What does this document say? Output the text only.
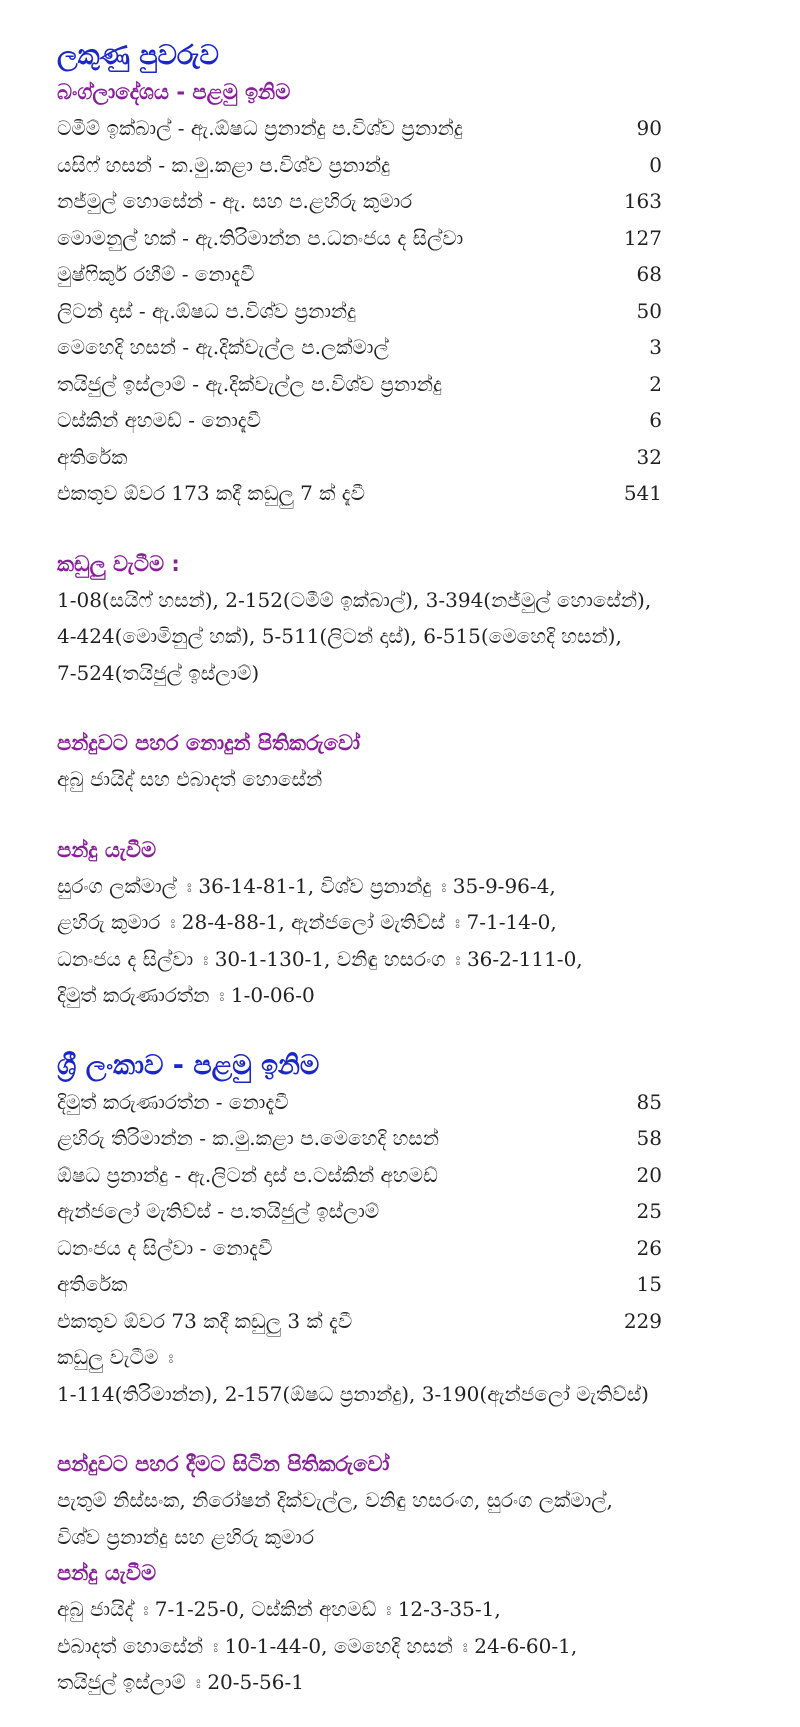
ලකුණු පුවරුව
බංග්ලාදේශය - පළමු ඉනිම
ටමීම් ඉක්බාල් - ඇ.ඕෂධ ප්‍රනාන්දු ප.විශ්ව ප්‍රනාන්දු	90
යසිෆ් හසන් - ක.මු.කළා ප.විශ්ව ප්‍රනාන්දු	0
නජ්මුල් හොසේන් - ඇ. සහ ප.ළහිරු කුමාර	163
මොමනුල් හක් - ඇ.තිරිමාන්න ප.ධනංජය ද සිල්වා	127
මුෂ්ෆිකුර් රහීම් - නොදැවී	68
ලිටන් දාස් - ඇ.ඕෂධ ප.විශ්ව ප්‍රනාන්දු	50
මෙහෙදි හසන් - ඇ.දික්වැල්ල ප.ලක්මාල්	3
තයිජුල් ඉස්ලාම් - ඇ.දික්වැල්ල ප.විශ්ව ප්‍රනාන්දු	2
ටස්කින් අහමඩ් - නොදැවී	6
අතිරේක	32
එකතුව ඕවර 173 කදී කඩුලු 7 ක් දැවී	541
කඩුලු වැටීම :
1-08(සයිෆ් හසන්), 2-152(ටමීම් ඉක්බාල්), 3-394(නජ්මුල් හොසේන්),
4-424(මොමිනුල් හක්), 5-511(ලිටන් දාස්), 6-515(මෙහෙදි හසන්),
7-524(තයිජුල් ඉස්ලාම්)
පන්දුවට පහර නොදුන් පිතිකරුවෝ
අබු ජායිද් සහ එබාදත් හොසේන්
පන්දු යැවීම
සුරංග ලක්මාල් ඃ 36-14-81-1, විශ්ව ප්‍රනාන්දු ඃ 35-9-96-4,
ළහිරු කුමාර ඃ 28-4-88-1, ඇන්ජලෝ මැතිව්ස් ඃ 7-1-14-0,
ධනංජය ද සිල්වා ඃ 30-1-130-1, වනිඳු හසරංග ඃ 36-2-111-0,
දිමුත් කරුණාරත්න ඃ 1-0-06-0
ශ්‍රී ලංකාව - පළමු ඉනිම
දිමුත් කරුණාරත්න - නොදැවී	85
ළහිරු තිරිමාන්න - ක.මු.කළා ප.මෙහෙදි හසන්	58
ඕෂධ ප්‍රනාන්දු - ඇ.ලිටන් දාස් ප.ටස්කින් අහමඩ්	20
ඇන්ජලෝ මැතිව්ස් - ප.තයිජුල් ඉස්ලාම්	25
ධනංජය ද සිල්වා - නොදැවී	26
අතිරේක	15
එකතුව ඕවර 73 කදී කඩුලු 3 ක් දැවී	229
කඩුලු වැටීම ඃ
1-114(තිරිමාන්න), 2-157(ඕෂධ ප්‍රනාන්දු), 3-190(ඇන්ජලෝ මැතිව්ස්)
පන්දුවට පහර දීමට සිටින පිතිකරුවෝ
පැතුම් නිස්සංක, නිරෝෂන් දික්වැල්ල, වනිඳු හසරංග, සුරංග ලක්මාල්,
විශ්ව ප්‍රනාන්දු සහ ළහිරු කුමාර
පන්දු යැවීම
අබු ජායිද් ඃ 7-1-25-0, ටස්කින් අහමඩ් ඃ 12-3-35-1,
එබාදත් හොසේන් ඃ 10-1-44-0, මෙහෙදි හසන් ඃ 24-6-60-1,
තයිජුල් ඉස්ලාම් ඃ 20-5-56-1
